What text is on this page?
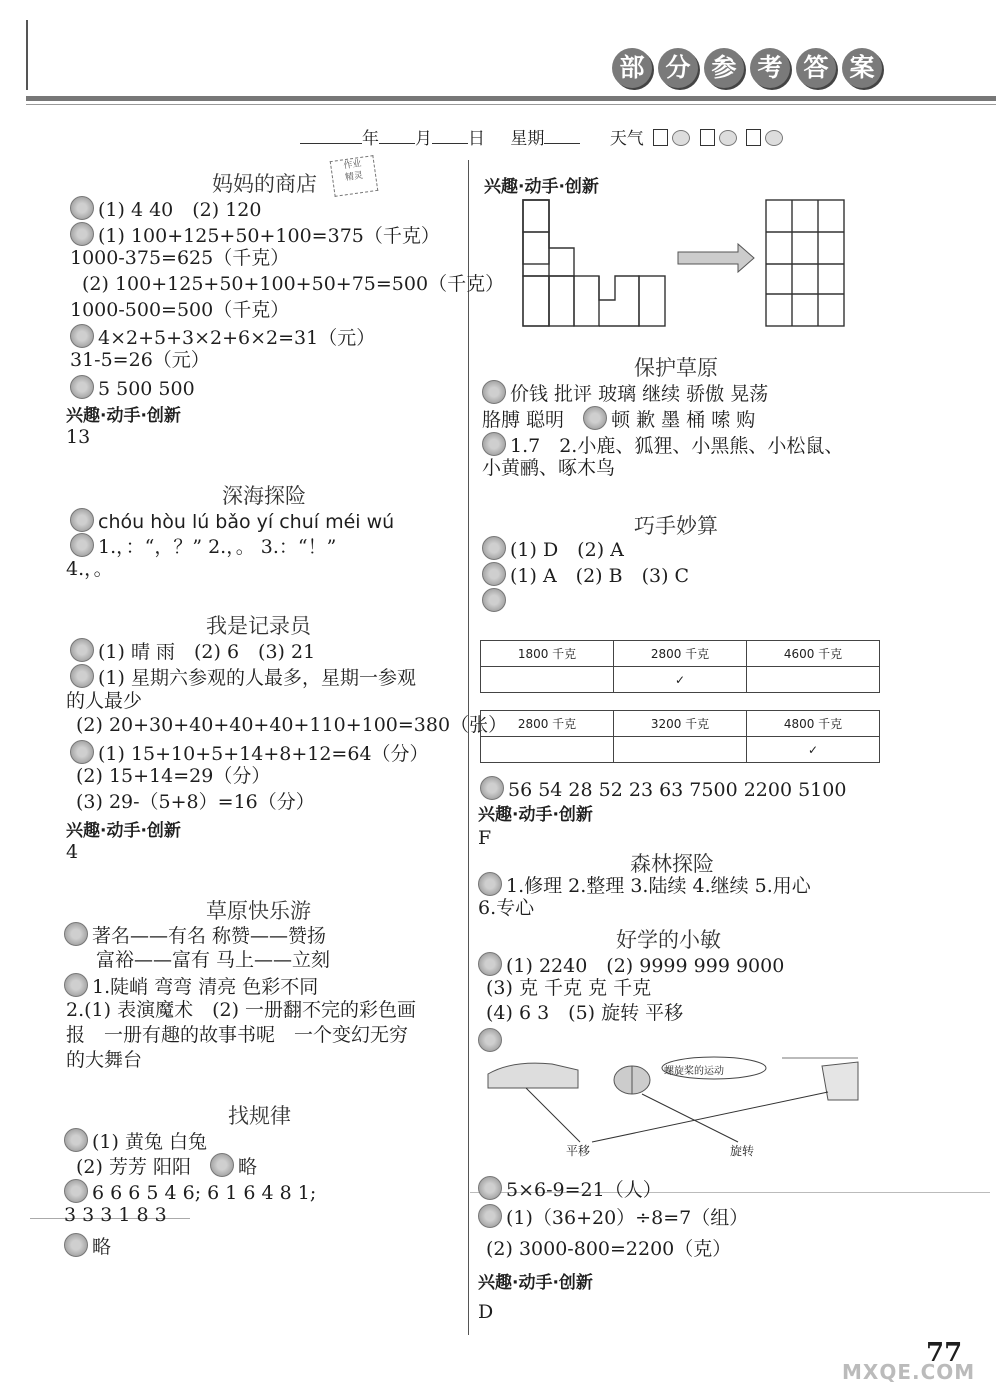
部 分 参 考 答 案
年 月 日 星期	天气
妈妈的商店
作业
精灵
(1) 4 40　(2) 120
(1) 100+125+50+100=375（千克）
1000-375=625（千克）
(2) 100+125+50+100+50+75=500（千克）
1000-500=500（千克）
4×2+5+3×2+6×2=31（元）
31-5=26（元）
5 500 500
兴趣·动手·创新
13
深海探险
chóu hòu lú bǎo yí chuí méi wú
1.，：“，？” 2.，。 3.：“！”
4.，。
我是记录员
(1) 晴 雨　(2) 6　(3) 21
(1) 星期六参观的人最多，星期一参观
的人最少
(2) 20+30+40+40+40+110+100=380（张）
(1) 15+10+5+14+8+12=64（分）
(2) 15+14=29（分）
(3) 29-（5+8）=16（分）
兴趣·动手·创新
4
草原快乐游
著名——有名 称赞——赞扬
富裕——富有 马上——立刻
1.陡峭 弯弯 清亮 色彩不同
2.(1) 表演魔术　(2) 一册翻不完的彩色画
报　一册有趣的故事书呢　一个变幻无穷
的大舞台
找规律
(1) 黄兔 白兔
(2) 芳芳 阳阳　 略
6 6 6 5 4 6; 6 1 6 4 8 1;
3 3 3 1 8 3
略
兴趣·动手·创新
保护草原
价钱 批评 玻璃 继续 骄傲 晃荡
胳膊 聪明　 顿 歉 墨 桶 嗦 购
1.7　2.小鹿、狐狸、小黑熊、小松鼠、
小黄鹂、啄木鸟
巧手妙算
(1) D　(2) A
(1) A　(2) B　(3) C
1800 千克	2800 千克	4600 千克
	✓	
2800 千克	3200 千克	4800 千克
		✓
56 54 28 52 23 63 7500 2200 5100
兴趣·动手·创新
F
森林探险
1.修理 2.整理 3.陆续 4.继续 5.用心
6.专心
好学的小敏
(1) 2240　(2) 9999 999 9000
(3) 克 千克 克 千克
(4) 6 3　(5) 旋转 平移
螺旋桨的运动
平移	旋转
5×6-9=21（人）
(1)（36+20）÷8=7（组）
(2) 3000-800=2200（克）
兴趣·动手·创新
D
MXQE.COM
77
